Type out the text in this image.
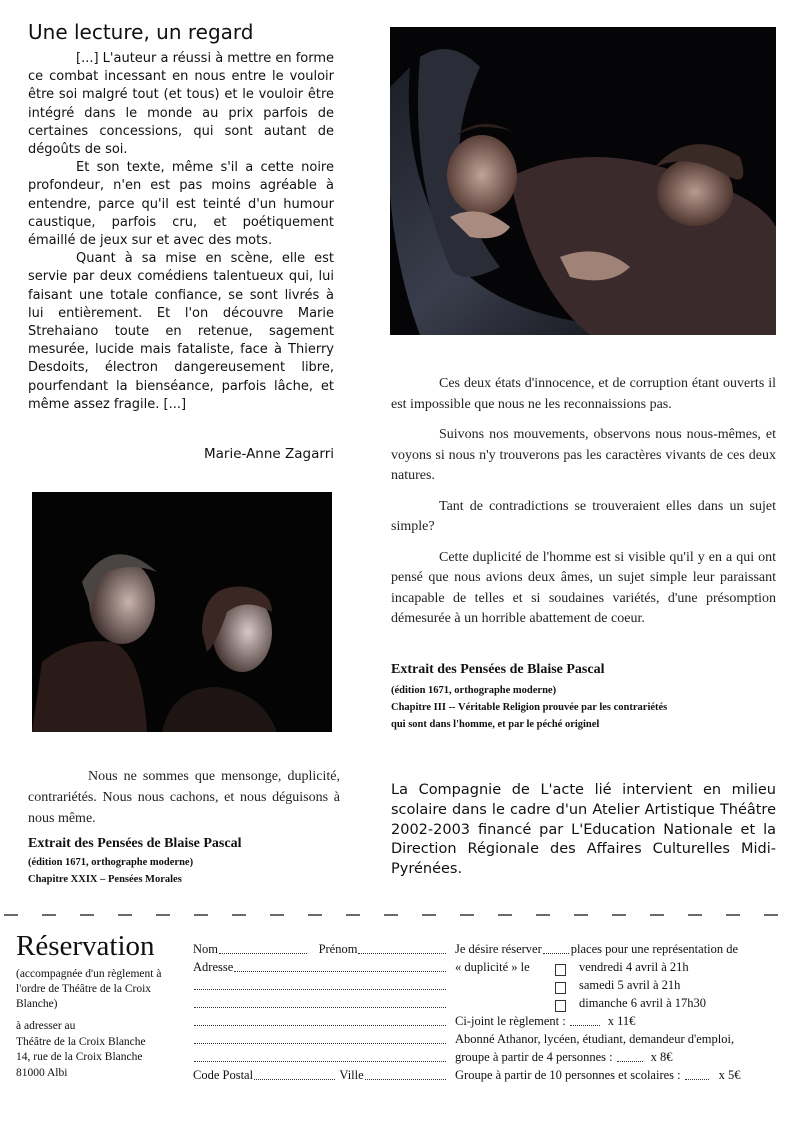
Une lecture, un regard

[...] L'auteur a réussi à mettre en forme ce combat incessant en nous entre le vouloir être soi malgré tout (et tous) et le vouloir être intégré dans le monde au prix parfois de certaines concessions, qui sont autant de dégoûts de soi.

Et son texte, même s'il a cette noire profondeur, n'en est pas moins agréable à entendre, parce qu'il est teinté d'un humour caustique, parfois cru, et poétiquement émaillé de jeux sur et avec des mots.

Quant à sa mise en scène, elle est servie par deux comédiens talentueux qui, lui faisant une totale confiance, se sont livrés à lui entièrement. Et l'on découvre Marie Strehaiano toute en retenue, sagement mesurée, lucide mais fataliste, face à Thierry Desdoits, électron dangereusement libre, pourfendant la bienséance, parfois lâche, et même assez fragile. [...]

Marie-Anne Zagarri

Ces deux états d'innocence, et de corruption étant ouverts il est impossible que nous ne les reconnaissions pas.

Suivons nos mouvements, observons nous nous-mêmes, et voyons si nous n'y trouverons pas les caractères vivants de ces deux natures.

Tant de contradictions se trouveraient elles dans un sujet simple?

Cette duplicité de l'homme est si visible qu'il y en a qui ont pensé que nous avions deux âmes, un sujet simple leur paraissant incapable de telles et si soudaines variétés, d'une présomption démesurée à un horrible abattement de coeur.

Extrait des Pensées de Blaise Pascal
(édition 1671, orthographe moderne)
Chapitre III -- Véritable Religion prouvée par les contrariétés
qui sont dans l'homme, et par le péché originel

Nous ne sommes que mensonge, duplicité, contrariétés. Nous nous cachons, et nous déguisons à nous même.

Extrait des Pensées de Blaise Pascal
(édition 1671, orthographe moderne)
Chapitre XXIX – Pensées Morales
La Compagnie de L'acte lié intervient en milieu scolaire dans le cadre d'un Atelier Artistique Théâtre 2002-2003 financé par L'Education Nationale et la Direction Régionale des Affaires Culturelles Midi-Pyrénées.
Réservation
(accompagnée d'un règlement à l'ordre de Théâtre de la Croix Blanche)
à adresser au
Théâtre de la Croix Blanche
14, rue de la Croix Blanche
81000 Albi
Nom	Prénom
Adresse
Code Postal	Ville
Je désire réserver places pour une représentation de
« duplicité » le	vendredi 4 avril à 21h
samedi 5 avril à 21h
dimanche 6 avril à 17h30
Ci-joint le règlement :	x 11€
Abonné Athanor, lycéen, étudiant, demandeur d'emploi,
groupe à partir de 4 personnes :	x 8€
Groupe à partir de 10 personnes et scolaires :	x 5€
